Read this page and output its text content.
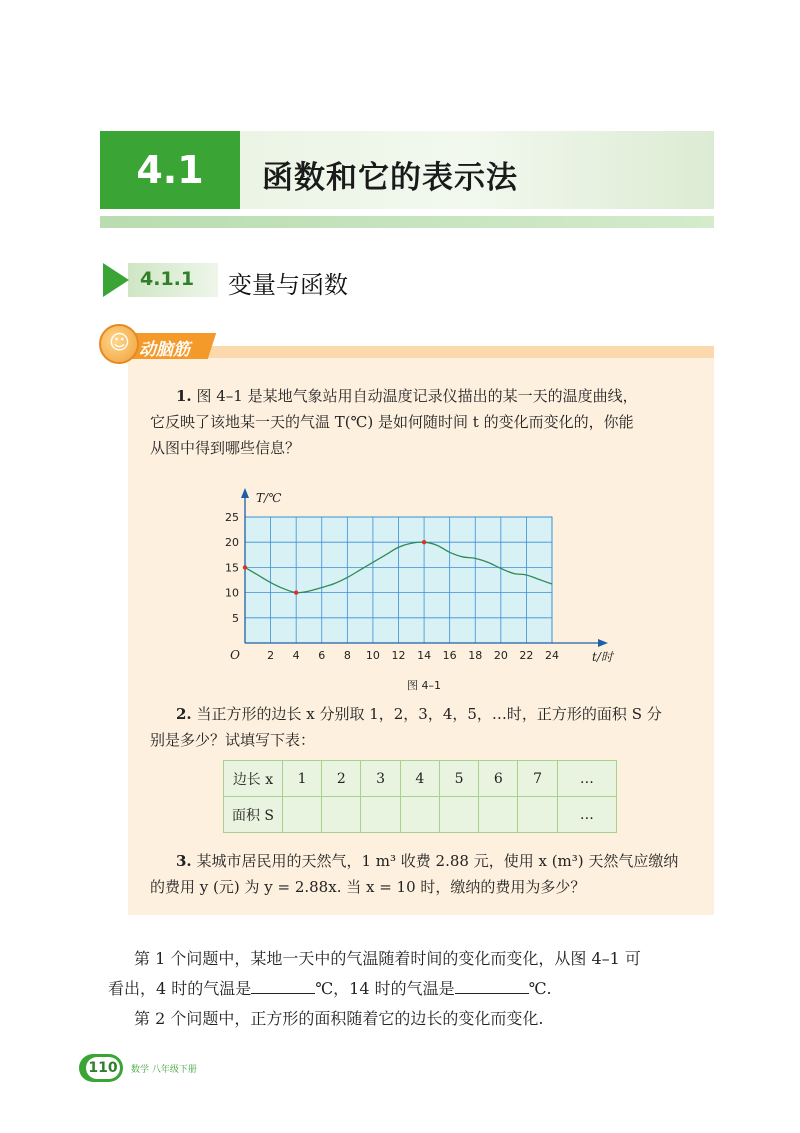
4.1	函数和它的表示法
4.1.1 变量与函数
☺ 动脑筋
1. 图 4–1 是某地气象站用自动温度记录仪描出的某一天的温度曲线，
它反映了该地某一天的气温 T(℃) 是如何随时间 t 的变化而变化的，你能
从图中得到哪些信息？
2 4 6 8 10 12 14 16 18 20 22 24
5
10
15
20
25
O	t/时
T/℃
图 4–1
2. 当正方形的边长 x 分别取 1，2，3，4，5，…时，正方形的面积 S 分
别是多少？试填写下表：
边长 x	1	2	3	4	5	6	7	…
面积 S								…
3. 某城市居民用的天然气，1 m³ 收费 2.88 元，使用 x (m³) 天然气应缴纳
的费用 y (元) 为 y = 2.88x. 当 x = 10 时，缴纳的费用为多少？
第 1 个问题中，某地一天中的气温随着时间的变化而变化，从图 4–1 可
看出，4 时的气温是	℃，14 时的气温是	℃.
第 2 个问题中，正方形的面积随着它的边长的变化而变化.
110 数学 八年级下册
